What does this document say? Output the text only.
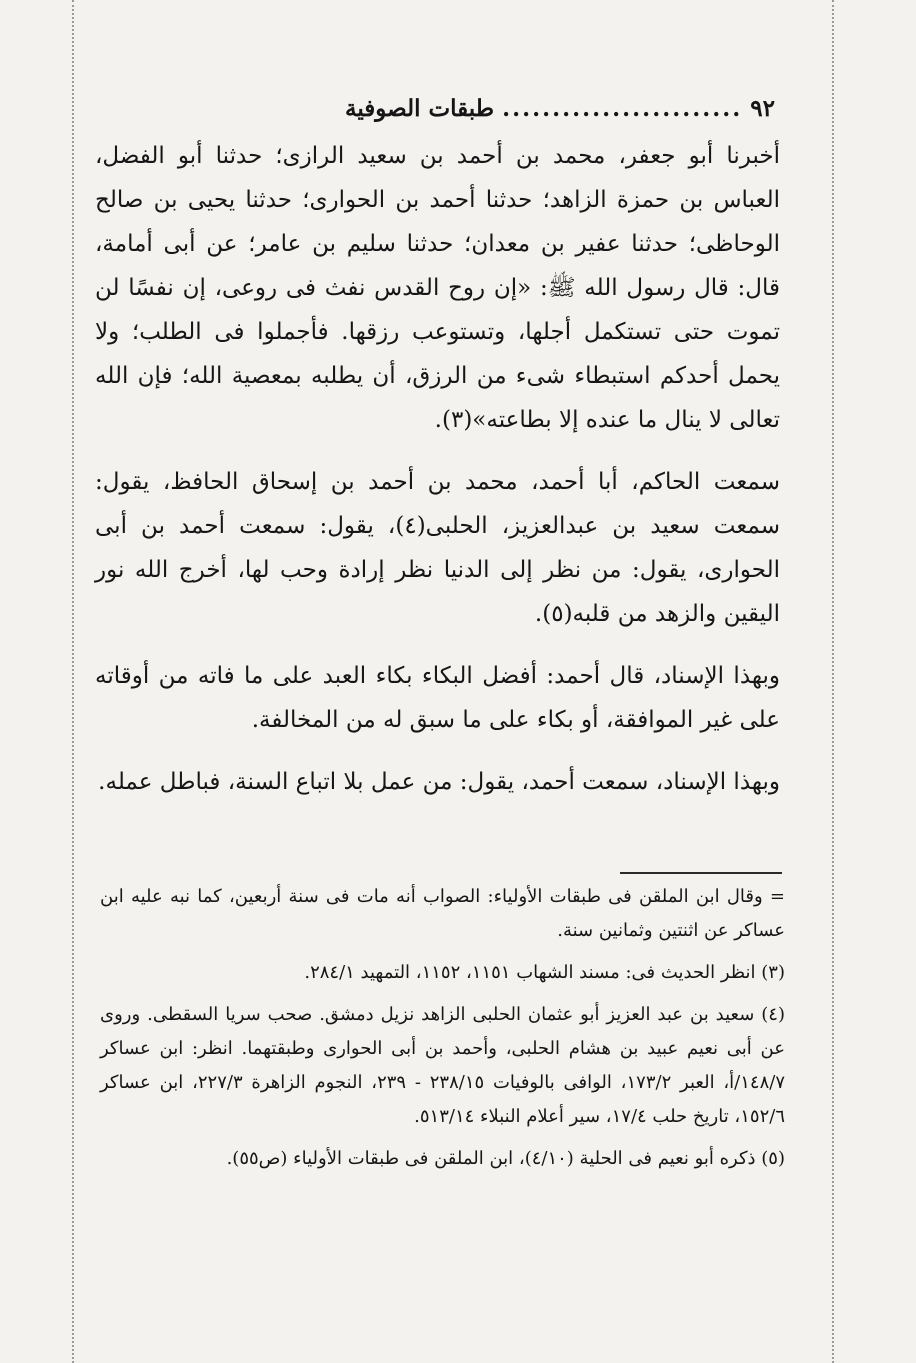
٩٢ ........................ طبقات الصوفية

أخبرنا أبو جعفر، محمد بن أحمد بن سعيد الرازى؛ حدثنا أبو الفضل، العباس بن حمزة الزاهد؛ حدثنا أحمد بن الحوارى؛ حدثنا يحيى بن صالح الوحاظى؛ حدثنا عفير بن معدان؛ حدثنا سليم بن عامر؛ عن أبى أمامة، قال: قال رسول الله ﷺ: «إن روح القدس نفث فى روعى، إن نفسًا لن تموت حتى تستكمل أجلها، وتستوعب رزقها. فأجملوا فى الطلب؛ ولا يحمل أحدكم استبطاء شىء من الرزق، أن يطلبه بمعصية الله؛ فإن الله تعالى لا ينال ما عنده إلا بطاعته»(٣).

سمعت الحاكم، أبا أحمد، محمد بن أحمد بن إسحاق الحافظ، يقول: سمعت سعيد بن عبدالعزيز، الحلبى(٤)، يقول: سمعت أحمد بن أبى الحوارى، يقول: من نظر إلى الدنيا نظر إرادة وحب لها، أخرج الله نور اليقين والزهد من قلبه(٥).

وبهذا الإسناد، قال أحمد: أفضل البكاء بكاء العبد على ما فاته من أوقاته على غير الموافقة، أو بكاء على ما سبق له من المخالفة.

وبهذا الإسناد، سمعت أحمد، يقول: من عمل بلا اتباع السنة، فباطل عمله.

= وقال ابن الملقن فى طبقات الأولياء: الصواب أنه مات فى سنة أربعين، كما نبه عليه ابن عساكر عن اثنتين وثمانين سنة.

(٣) انظر الحديث فى: مسند الشهاب ١١٥١، ١١٥٢، التمهيد ٢٨٤/١.

(٤) سعيد بن عبد العزيز أبو عثمان الحلبى الزاهد نزيل دمشق. صحب سريا السقطى. وروى عن أبى نعيم عبيد بن هشام الحلبى، وأحمد بن أبى الحوارى وطبقتهما. انظر: ابن عساكر ١٤٨/٧/أ، العبر ١٧٣/٢، الوافى بالوفيات ٢٣٨/١٥ - ٢٣٩، النجوم الزاهرة ٢٢٧/٣، ابن عساكر ١٥٢/٦، تاريخ حلب ١٧/٤، سير أعلام النبلاء ٥١٣/١٤.

(٥) ذكره أبو نعيم فى الحلية (٤/١٠)، ابن الملقن فى طبقات الأولياء (ص٥٥).
